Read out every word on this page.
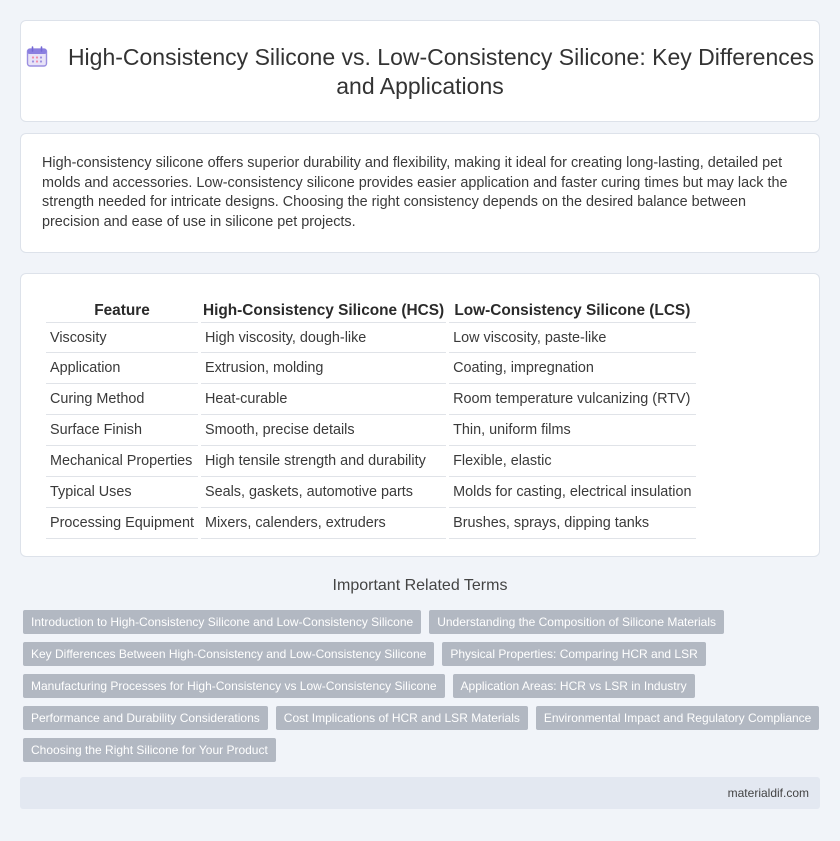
High-Consistency Silicone vs. Low-Consistency Silicone: Key Differences and Applications

High-consistency silicone offers superior durability and flexibility, making it ideal for creating long-lasting, detailed pet molds and accessories. Low-consistency silicone provides easier application and faster curing times but may lack the strength needed for intricate designs. Choosing the right consistency depends on the desired balance between precision and ease of use in silicone pet projects.

Feature	High-Consistency Silicone (HCS)	Low-Consistency Silicone (LCS)
Viscosity	High viscosity, dough-like	Low viscosity, paste-like
Application	Extrusion, molding	Coating, impregnation
Curing Method	Heat-curable	Room temperature vulcanizing (RTV)
Surface Finish	Smooth, precise details	Thin, uniform films
Mechanical Properties	High tensile strength and durability	Flexible, elastic
Typical Uses	Seals, gaskets, automotive parts	Molds for casting, electrical insulation
Processing Equipment	Mixers, calenders, extruders	Brushes, sprays, dipping tanks
Important Related Terms
Introduction to High-Consistency Silicone and Low-Consistency Silicone	Understanding the Composition of Silicone Materials
Key Differences Between High-Consistency and Low-Consistency Silicone	Physical Properties: Comparing HCR and LSR
Manufacturing Processes for High-Consistency vs Low-Consistency Silicone	Application Areas: HCR vs LSR in Industry
Performance and Durability Considerations	Cost Implications of HCR and LSR Materials	Environmental Impact and Regulatory Compliance
Choosing the Right Silicone for Your Product
materialdif.com
